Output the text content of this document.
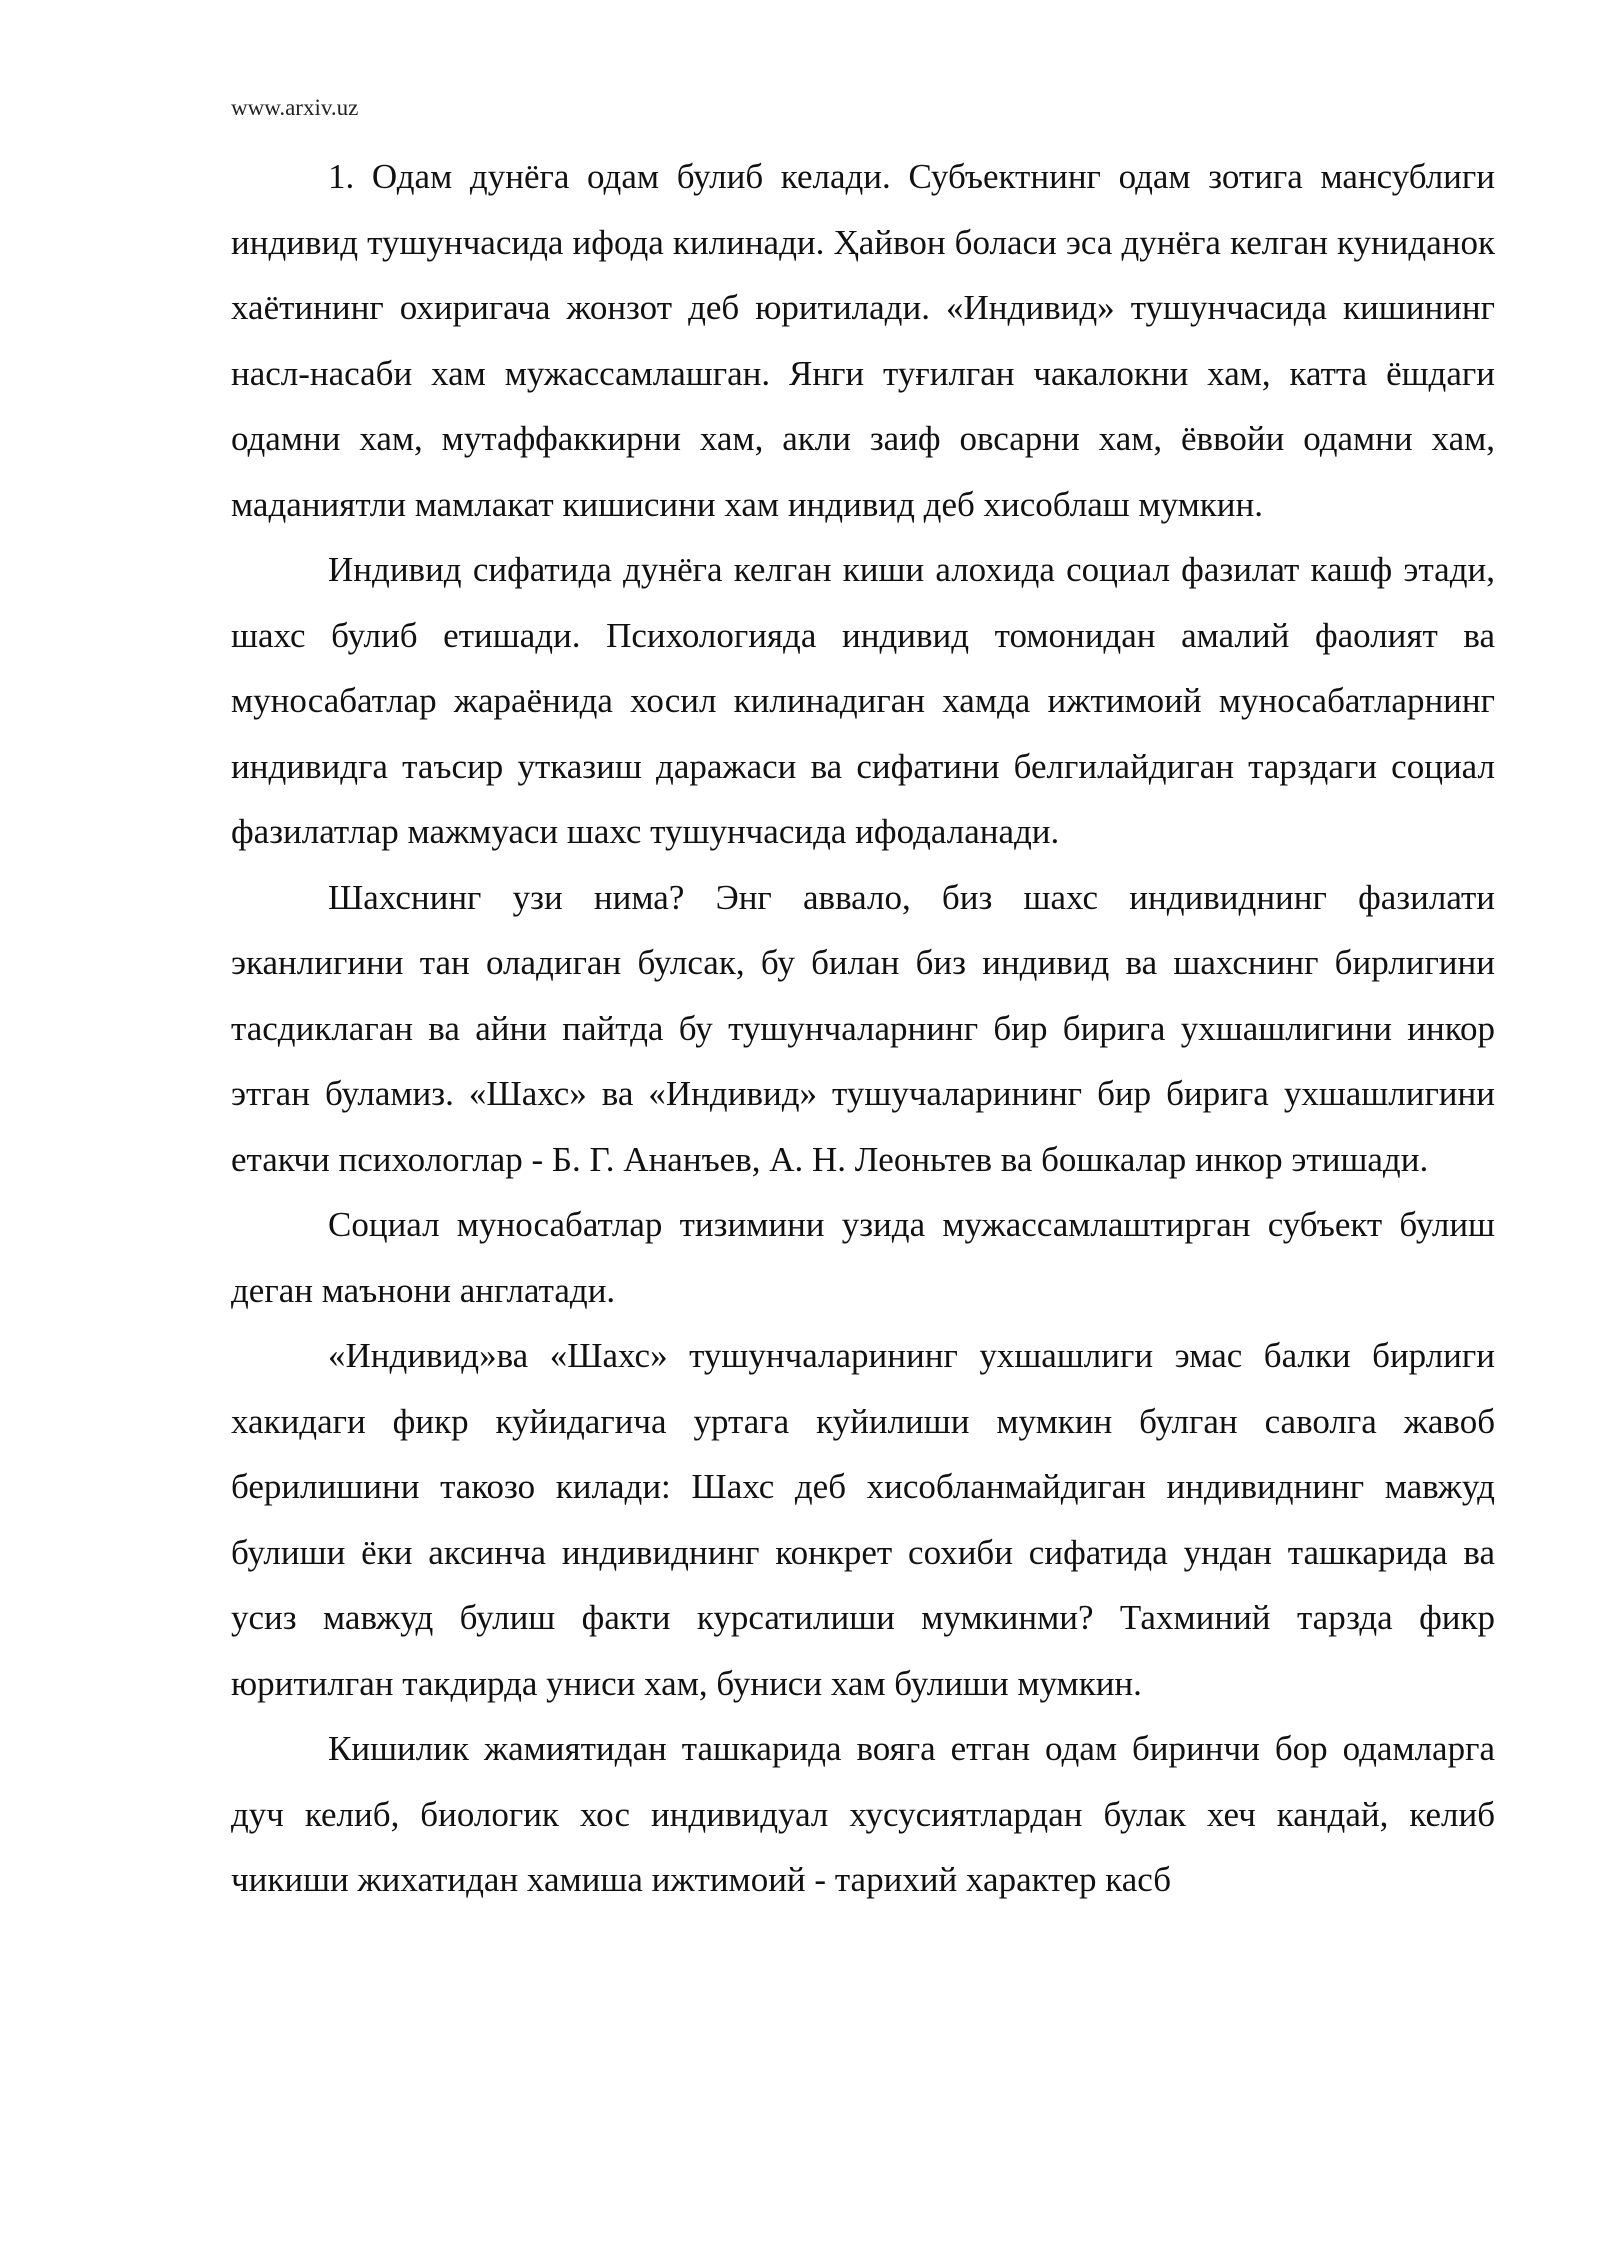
www.arxiv.uz

1. Одам дунёга одам булиб келади. Субъектнинг одам зотига мансублиги индивид тушунчасида ифода килинади. Ҳайвон боласи эса дунёга келган куниданок хаётининг охиригача жонзот деб юритилади. «Индивид» тушунчасида кишининг насл-насаби хам мужассамлашган. Янги туғилган чакалокни хам, катта ёшдаги одамни хам, мутаффаккирни хам, акли заиф овсарни хам, ёввойи одамни хам, маданиятли мамлакат кишисини хам индивид деб хисоблаш мумкин.

Индивид сифатида дунёга келган киши алохида социал фазилат кашф этади, шахс булиб етишади. Психологияда индивид томонидан амалий фаолият ва муносабатлар жараёнида хосил килинадиган хамда ижтимоий муносабатларнинг индивидга таъсир утказиш даражаси ва сифатини белгилайдиган тарздаги социал фазилатлар мажмуаси шахс тушунчасида ифодаланади.

Шахснинг узи нима? Энг аввало, биз шахс индивиднинг фазилати эканлигини тан оладиган булсак, бу билан биз индивид ва шахснинг бирлигини тасдиклаган ва айни пайтда бу тушунчаларнинг бир бирига ухшашлигини инкор этган буламиз. «Шахс» ва «Индивид» тушучаларининг бир бирига ухшашлигини етакчи психологлар - Б. Г. Ананъев, А. Н. Леоньтев ва бошкалар инкор этишади.

Социал муносабатлар тизимини узида мужассамлаштирган субъект булиш деган маънони англатади.

«Индивид»ва «Шахс» тушунчаларининг ухшашлиги эмас балки бирлиги хакидаги фикр куйидагича уртага куйилиши мумкин булган саволга жавоб берилишини такозо килади: Шахс деб хисобланмайдиган индивиднинг мавжуд булиши ёки аксинча индивиднинг конкрет сохиби сифатида ундан ташкарида ва усиз мавжуд булиш факти курсатилиши мумкинми? Тахминий тарзда фикр юритилган такдирда униси хам, буниси хам булиши мумкин.

Кишилик жамиятидан ташкарида вояга етган одам биринчи бор одамларга дуч келиб, биологик хос индивидуал хусусиятлардан булак хеч кандай, келиб чикиши жихатидан хамиша ижтимоий - тарихий характер касб
